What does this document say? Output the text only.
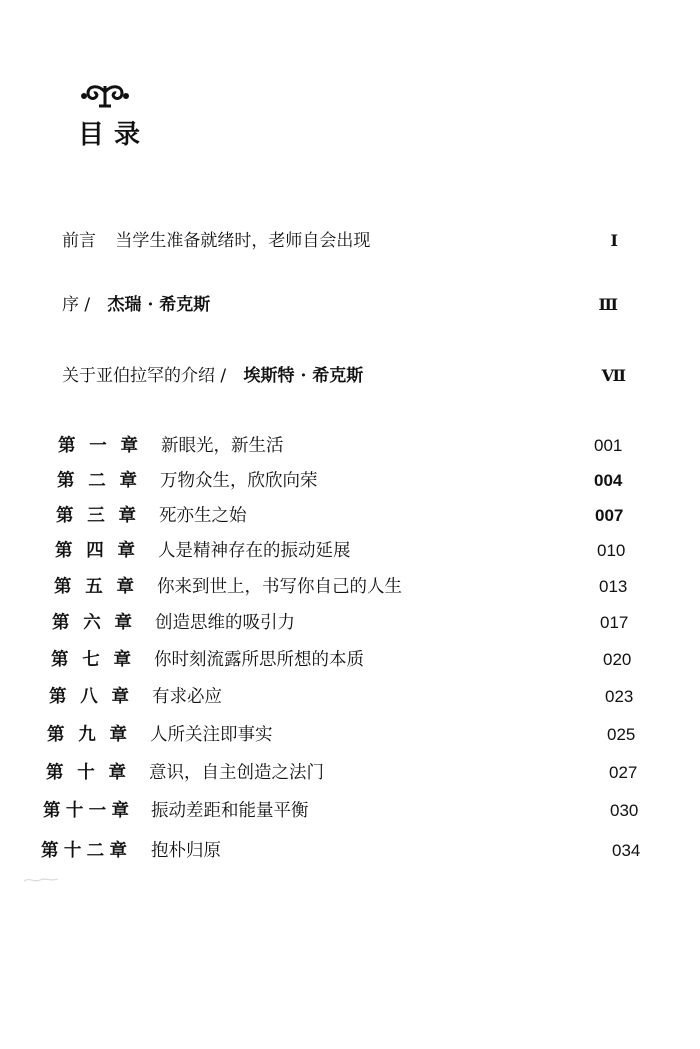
目录
前言 当学生准备就绪时，老师自会出现	I
序 / 杰瑞 · 希克斯	Ⅲ
关于亚伯拉罕的介绍 / 埃斯特 · 希克斯	Ⅶ
第一章 新眼光，新生活	001
第二章 万物众生，欣欣向荣	004
第三章 死亦生之始	007
第四章 人是精神存在的振动延展	010
第五章 你来到世上，书写你自己的人生	013
第六章 创造思维的吸引力	017
第七章 你时刻流露所思所想的本质	020
第八章 有求必应	023
第九章 人所关注即事实	025
第十章 意识，自主创造之法门	027
第十一章 振动差距和能量平衡	030
第十二章 抱朴归原	034
